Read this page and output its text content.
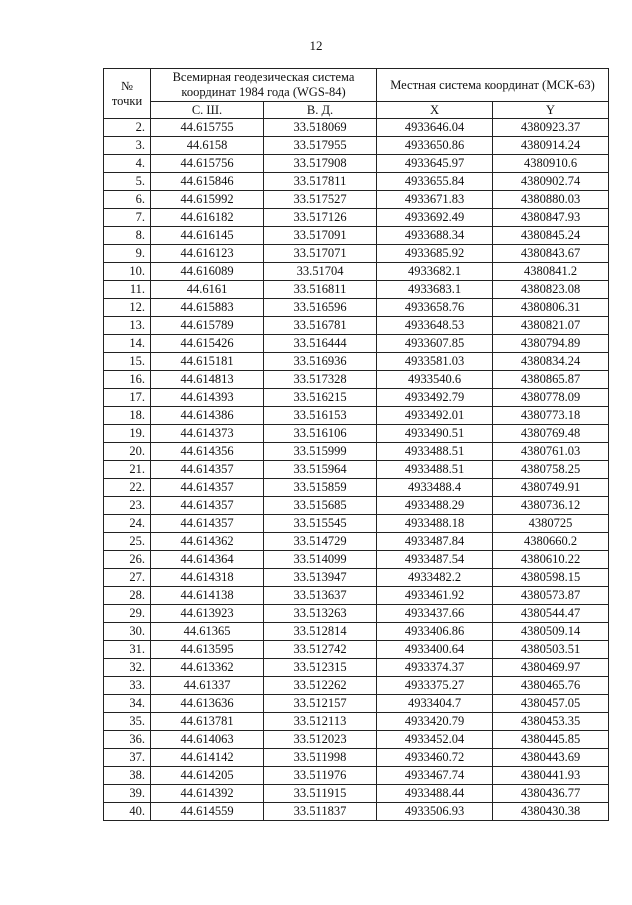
12
№ точки	Всемирная геодезическая система координат 1984 года (WGS-84)		Местная система координат (МСК-63)	
	С. Ш.	В. Д.	X	Y
2.	44.615755	33.518069	4933646.04	4380923.37
3.	44.6158	33.517955	4933650.86	4380914.24
4.	44.615756	33.517908	4933645.97	4380910.6
5.	44.615846	33.517811	4933655.84	4380902.74
6.	44.615992	33.517527	4933671.83	4380880.03
7.	44.616182	33.517126	4933692.49	4380847.93
8.	44.616145	33.517091	4933688.34	4380845.24
9.	44.616123	33.517071	4933685.92	4380843.67
10.	44.616089	33.51704	4933682.1	4380841.2
11.	44.6161	33.516811	4933683.1	4380823.08
12.	44.615883	33.516596	4933658.76	4380806.31
13.	44.615789	33.516781	4933648.53	4380821.07
14.	44.615426	33.516444	4933607.85	4380794.89
15.	44.615181	33.516936	4933581.03	4380834.24
16.	44.614813	33.517328	4933540.6	4380865.87
17.	44.614393	33.516215	4933492.79	4380778.09
18.	44.614386	33.516153	4933492.01	4380773.18
19.	44.614373	33.516106	4933490.51	4380769.48
20.	44.614356	33.515999	4933488.51	4380761.03
21.	44.614357	33.515964	4933488.51	4380758.25
22.	44.614357	33.515859	4933488.4	4380749.91
23.	44.614357	33.515685	4933488.29	4380736.12
24.	44.614357	33.515545	4933488.18	4380725
25.	44.614362	33.514729	4933487.84	4380660.2
26.	44.614364	33.514099	4933487.54	4380610.22
27.	44.614318	33.513947	4933482.2	4380598.15
28.	44.614138	33.513637	4933461.92	4380573.87
29.	44.613923	33.513263	4933437.66	4380544.47
30.	44.61365	33.512814	4933406.86	4380509.14
31.	44.613595	33.512742	4933400.64	4380503.51
32.	44.613362	33.512315	4933374.37	4380469.97
33.	44.61337	33.512262	4933375.27	4380465.76
34.	44.613636	33.512157	4933404.7	4380457.05
35.	44.613781	33.512113	4933420.79	4380453.35
36.	44.614063	33.512023	4933452.04	4380445.85
37.	44.614142	33.511998	4933460.72	4380443.69
38.	44.614205	33.511976	4933467.74	4380441.93
39.	44.614392	33.511915	4933488.44	4380436.77
40.	44.614559	33.511837	4933506.93	4380430.38
